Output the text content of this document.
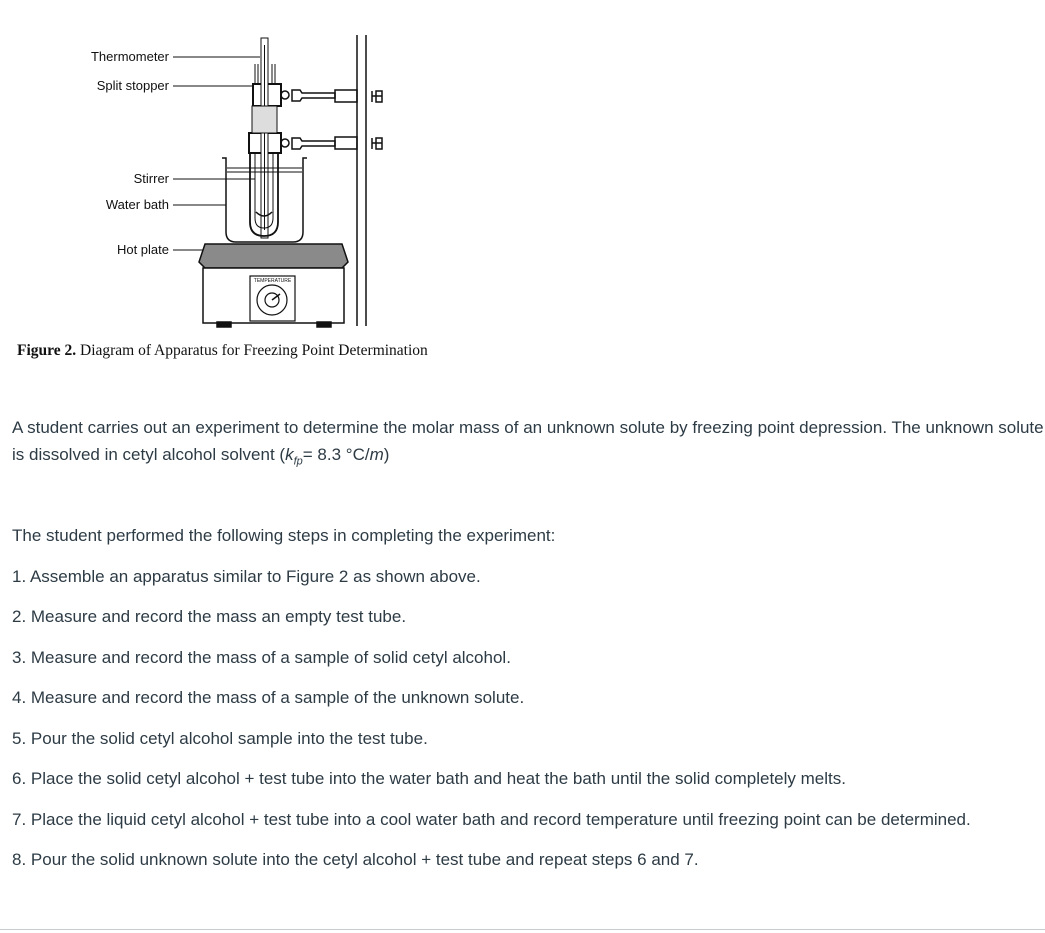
Thermometer
Split stopper
Stirrer
Water bath
Hot plate
TEMPERATURE
Figure 2. Diagram of Apparatus for Freezing Point Determination
A student carries out an experiment to determine the molar mass of an unknown solute by freezing point depression. The unknown solute is dissolved in cetyl alcohol solvent ($k_{fp}= 8.3$ °C/m)
The student performed the following steps in completing the experiment:
1. Assemble an apparatus similar to Figure 2 as shown above.
2. Measure and record the mass an empty test tube.
3. Measure and record the mass of a sample of solid cetyl alcohol.
4. Measure and record the mass of a sample of the unknown solute.
5. Pour the solid cetyl alcohol sample into the test tube.
6. Place the solid cetyl alcohol + test tube into the water bath and heat the bath until the solid completely melts.
7. Place the liquid cetyl alcohol + test tube into a cool water bath and record temperature until freezing point can be determined.
8. Pour the solid unknown solute into the cetyl alcohol + test tube and repeat steps 6 and 7.
